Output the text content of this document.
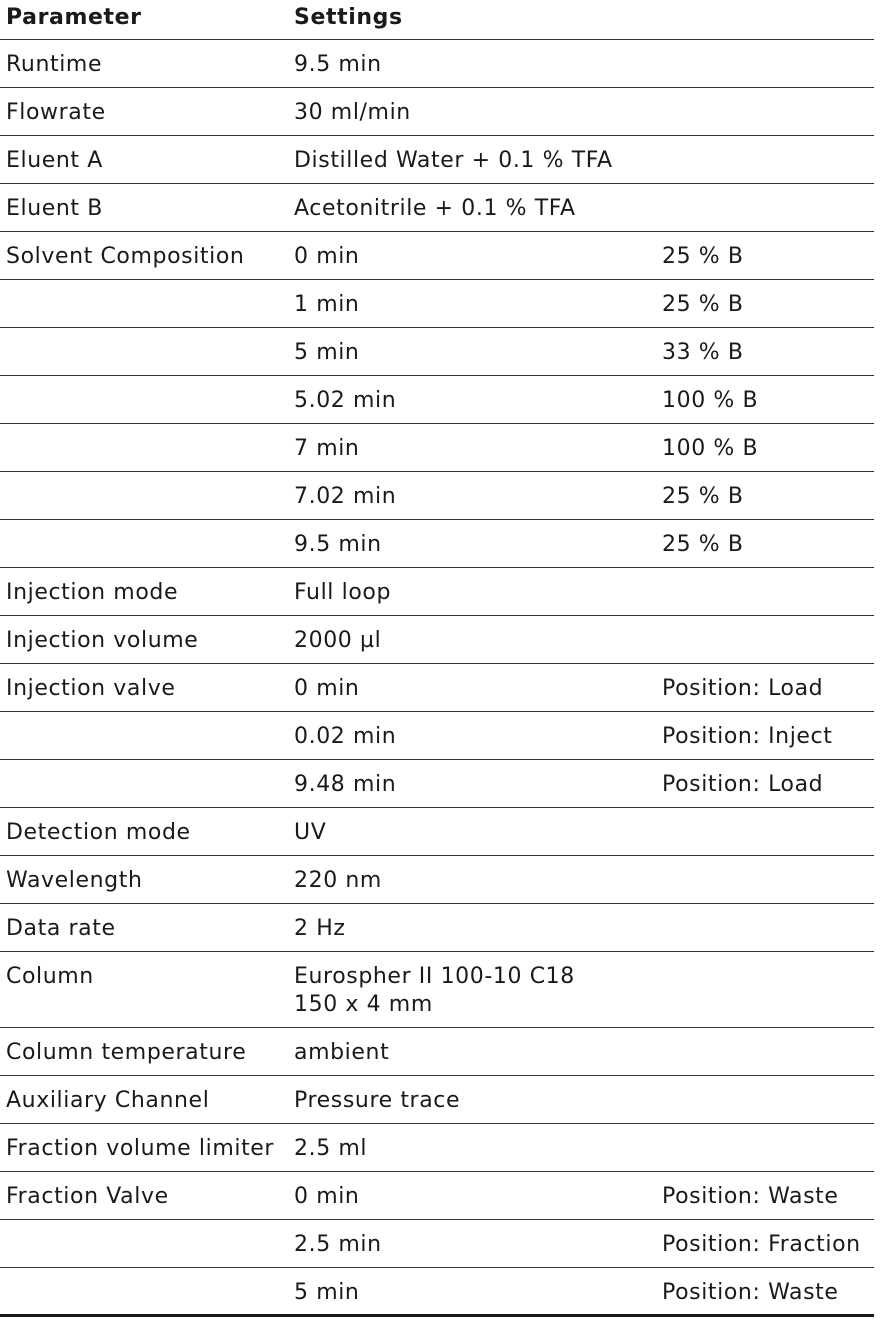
Parameter	Settings	
Runtime	9.5 min	
Flowrate	30 ml/min	
Eluent A	Distilled Water + 0.1 % TFA	
Eluent B	Acetonitrile + 0.1 % TFA	
Solvent Composition	0 min	25 % B
	1 min	25 % B
	5 min	33 % B
	5.02 min	100 % B
	7 min	100 % B
	7.02 min	25 % B
	9.5 min	25 % B
Injection mode	Full loop	
Injection volume	2000 µl	
Injection valve	0 min	Position: Load
	0.02 min	Position: Inject
	9.48 min	Position: Load
Detection mode	UV	
Wavelength	220 nm	
Data rate	2 Hz	
Column	Eurospher II 100-10 C18
150 x 4 mm	

Column temperature	ambient	
Auxiliary Channel	Pressure trace	
Fraction volume limiter	2.5 ml	
Fraction Valve	0 min	Position: Waste
	2.5 min	Position: Fraction
	5 min	Position: Waste
